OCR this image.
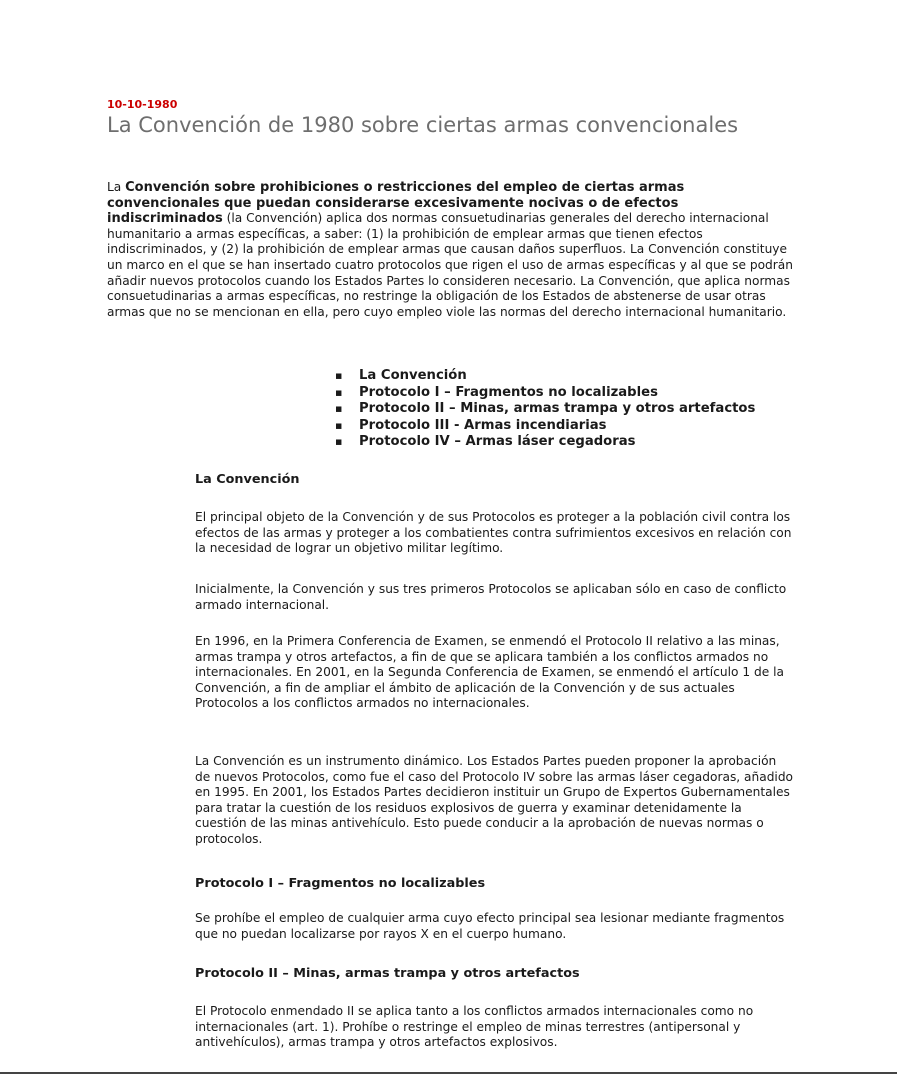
10-10-1980
La Convención de 1980 sobre ciertas armas convencionales

La Convención sobre prohibiciones o restricciones del empleo de ciertas armas convencionales que puedan considerarse excesivamente nocivas o de efectos indiscriminados (la Convención) aplica dos normas consuetudinarias generales del derecho internacional humanitario a armas específicas, a saber: (1) la prohibición de emplear armas que tienen efectos indiscriminados, y (2) la prohibición de emplear armas que causan daños superfluos. La Convención constituye un marco en el que se han insertado cuatro protocolos que rigen el uso de armas específicas y al que se podrán añadir nuevos protocolos cuando los Estados Partes lo consideren necesario. La Convención, que aplica normas consuetudinarias a armas específicas, no restringe la obligación de los Estados de abstenerse de usar otras armas que no se mencionan en ella, pero cuyo empleo viole las normas del derecho internacional humanitario.

▪ La Convención
▪ Protocolo I – Fragmentos no localizables
▪ Protocolo II – Minas, armas trampa y otros artefactos
▪ Protocolo III - Armas incendiarias
▪ Protocolo IV – Armas láser cegadoras
La Convención

El principal objeto de la Convención y de sus Protocolos es proteger a la población civil contra los efectos de las armas y proteger a los combatientes contra sufrimientos excesivos en relación con la necesidad de lograr un objetivo militar legítimo.

Inicialmente, la Convención y sus tres primeros Protocolos se aplicaban sólo en caso de conflicto armado internacional.

En 1996, en la Primera Conferencia de Examen, se enmendó el Protocolo II relativo a las minas, armas trampa y otros artefactos, a fin de que se aplicara también a los conflictos armados no internacionales. En 2001, en la Segunda Conferencia de Examen, se enmendó el artículo 1 de la Convención, a fin de ampliar el ámbito de aplicación de la Convención y de sus actuales Protocolos a los conflictos armados no internacionales.

La Convención es un instrumento dinámico. Los Estados Partes pueden proponer la aprobación de nuevos Protocolos, como fue el caso del Protocolo IV sobre las armas láser cegadoras, añadido en 1995. En 2001, los Estados Partes decidieron instituir un Grupo de Expertos Gubernamentales para tratar la cuestión de los residuos explosivos de guerra y examinar detenidamente la cuestión de las minas antivehículo. Esto puede conducir a la aprobación de nuevas normas o protocolos.

Protocolo I – Fragmentos no localizables

Se prohíbe el empleo de cualquier arma cuyo efecto principal sea lesionar mediante fragmentos que no puedan localizarse por rayos X en el cuerpo humano.

Protocolo II – Minas, armas trampa y otros artefactos

El Protocolo enmendado II se aplica tanto a los conflictos armados internacionales como no internacionales (art. 1). Prohíbe o restringe el empleo de minas terrestres (antipersonal y antivehículos), armas trampa y otros artefactos explosivos.
